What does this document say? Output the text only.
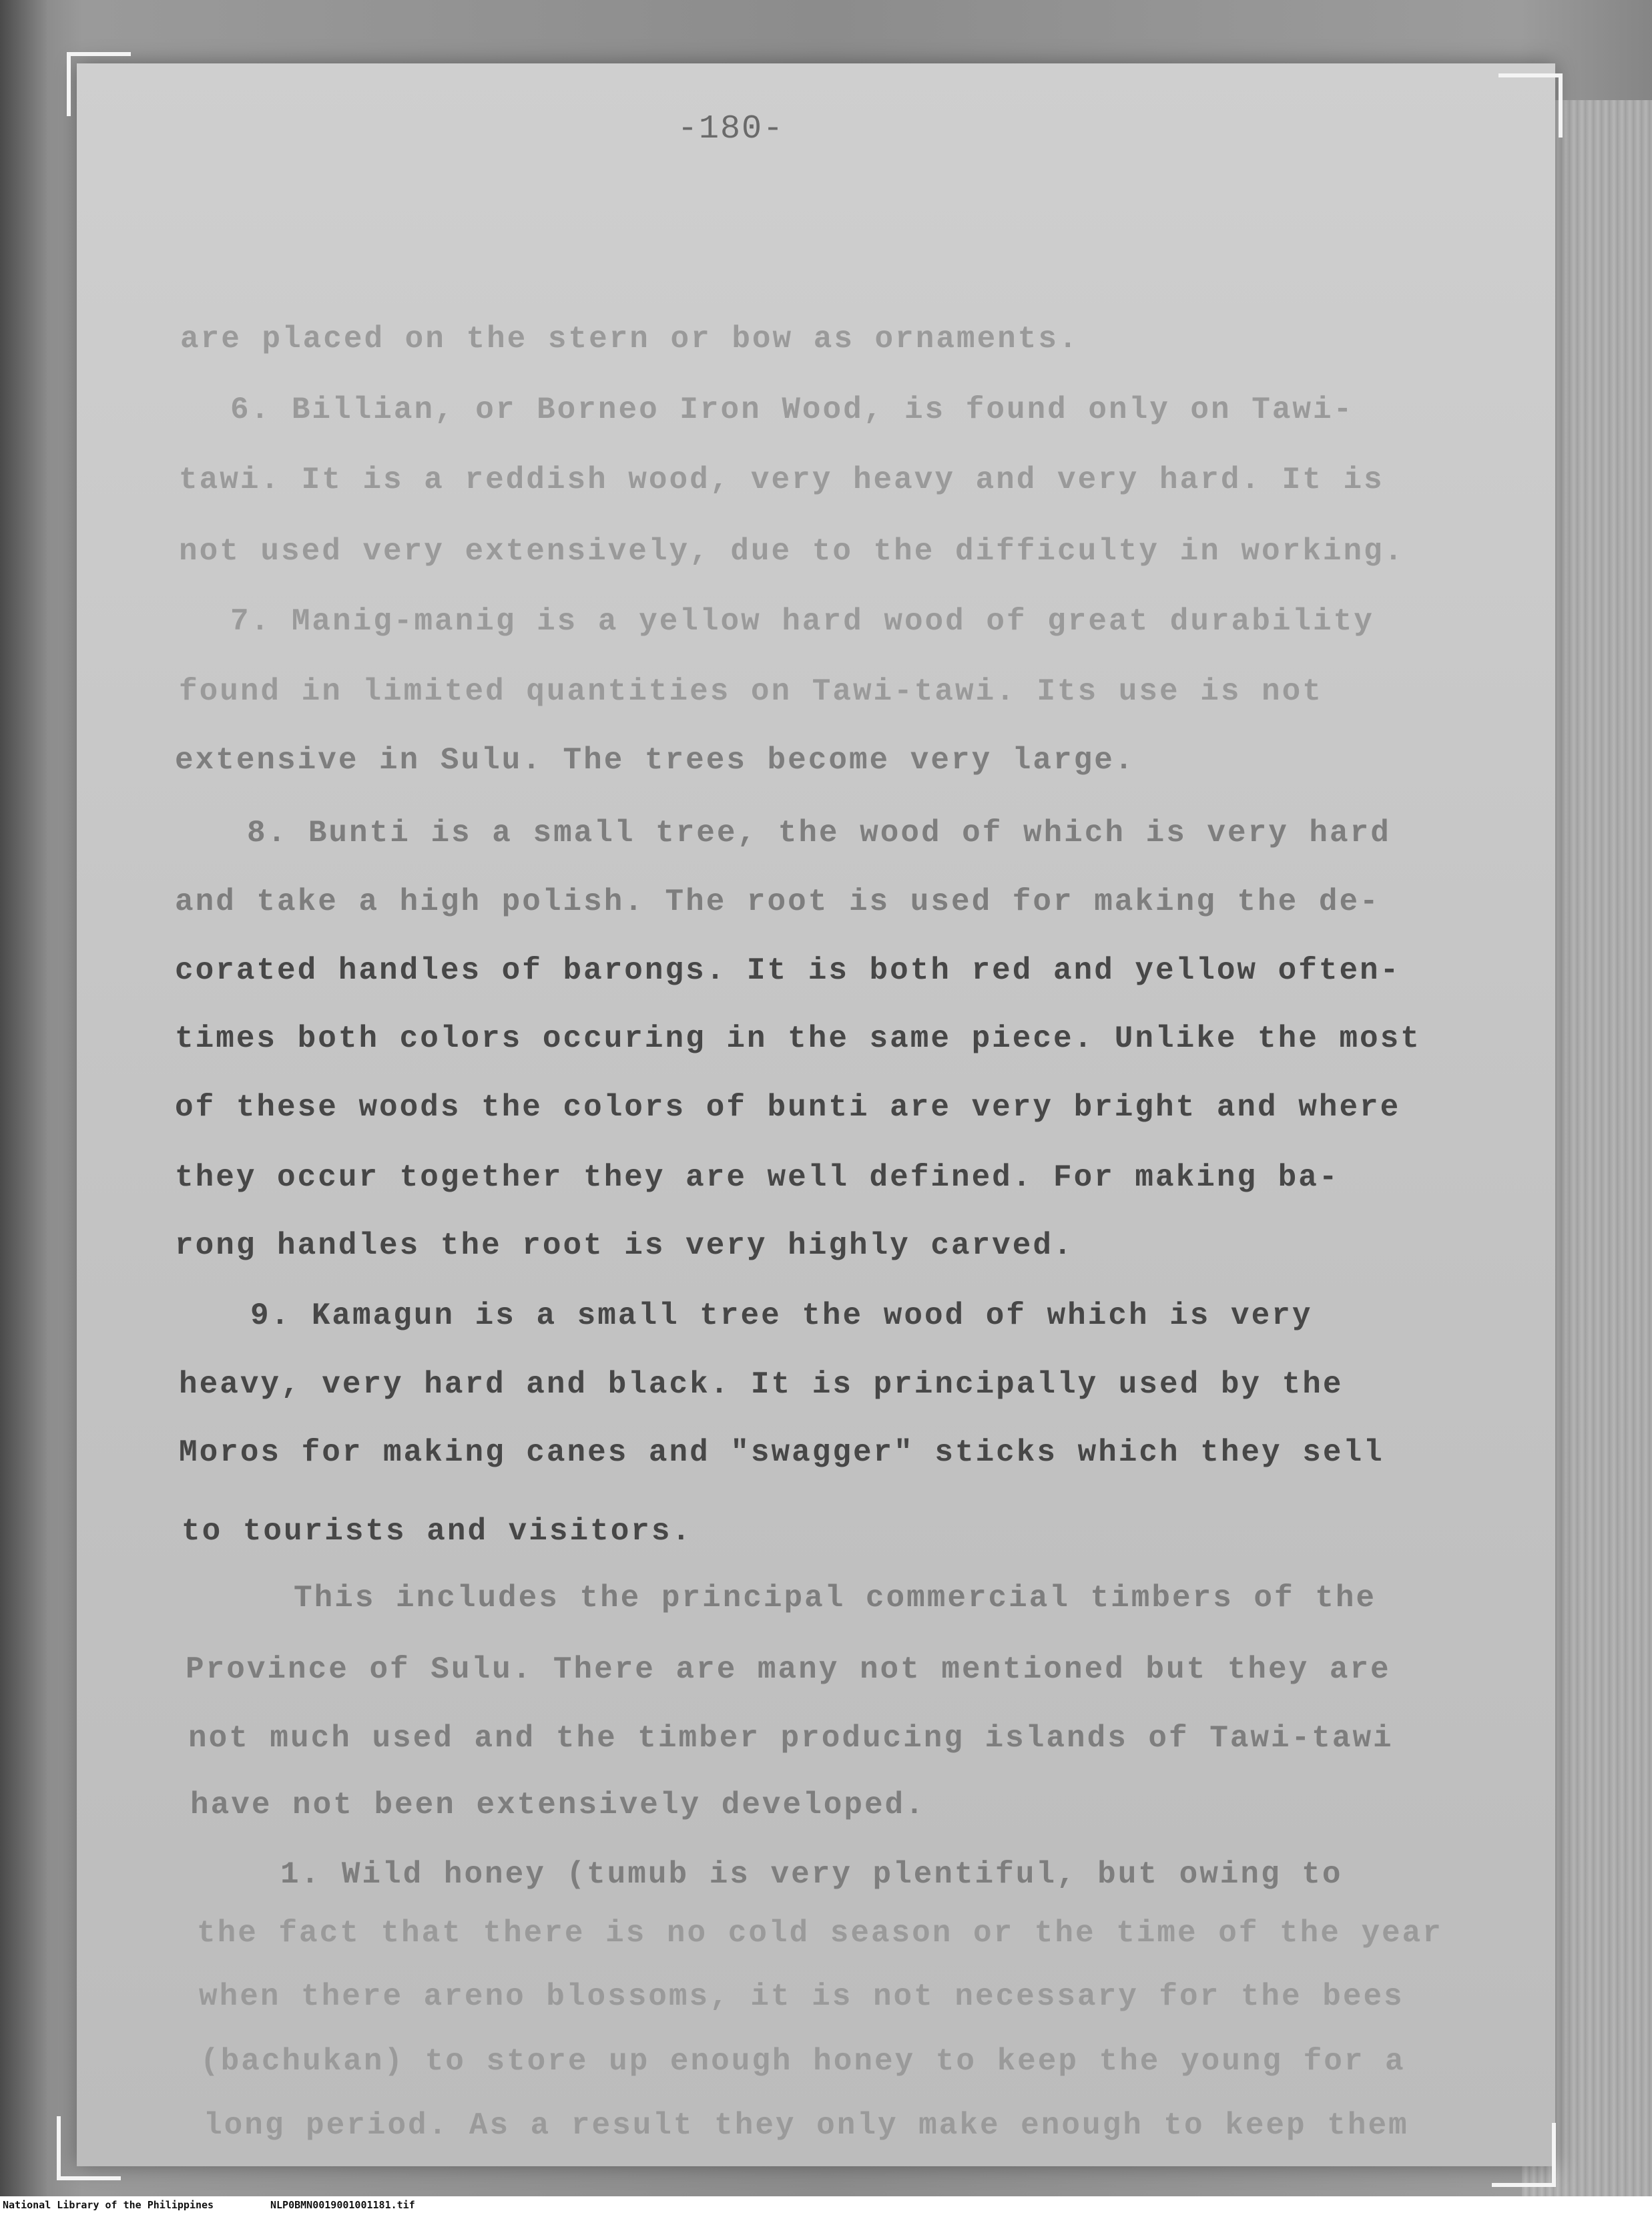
-180-
are placed on the stern or bow as ornaments.
6. Billian, or Borneo Iron Wood, is found only on Tawi-
tawi. It is a reddish wood, very heavy and very hard. It is
not used very extensively, due to the difficulty in working.
7. Manig-manig is a yellow hard wood of great durability
found in limited quantities on Tawi-tawi. Its use is not
extensive in Sulu. The trees become very large.
8. Bunti is a small tree, the wood of which is very hard
and take a high polish. The root is used for making the de-
corated handles of barongs. It is both red and yellow often-
times both colors occuring in the same piece. Unlike the most
of these woods the colors of bunti are very bright and where
they occur together they are well defined. For making ba-
rong handles the root is very highly carved.
9. Kamagun is a small tree the wood of which is very
heavy, very hard and black. It is principally used by the
Moros for making canes and "swagger" sticks which they sell
to tourists and visitors.
This includes the principal commercial timbers of the
Province of Sulu. There are many not mentioned but they are
not much used and the timber producing islands of Tawi-tawi
have not been extensively developed.
1. Wild honey (tumub is very plentiful, but owing to
the fact that there is no cold season or the time of the year
when there areno blossoms, it is not necessary for the bees
(bachukan) to store up enough honey to keep the young for a
long period. As a result they only make enough to keep them
National Library of the Philippines	NLP0BMN0019001001181.tif
